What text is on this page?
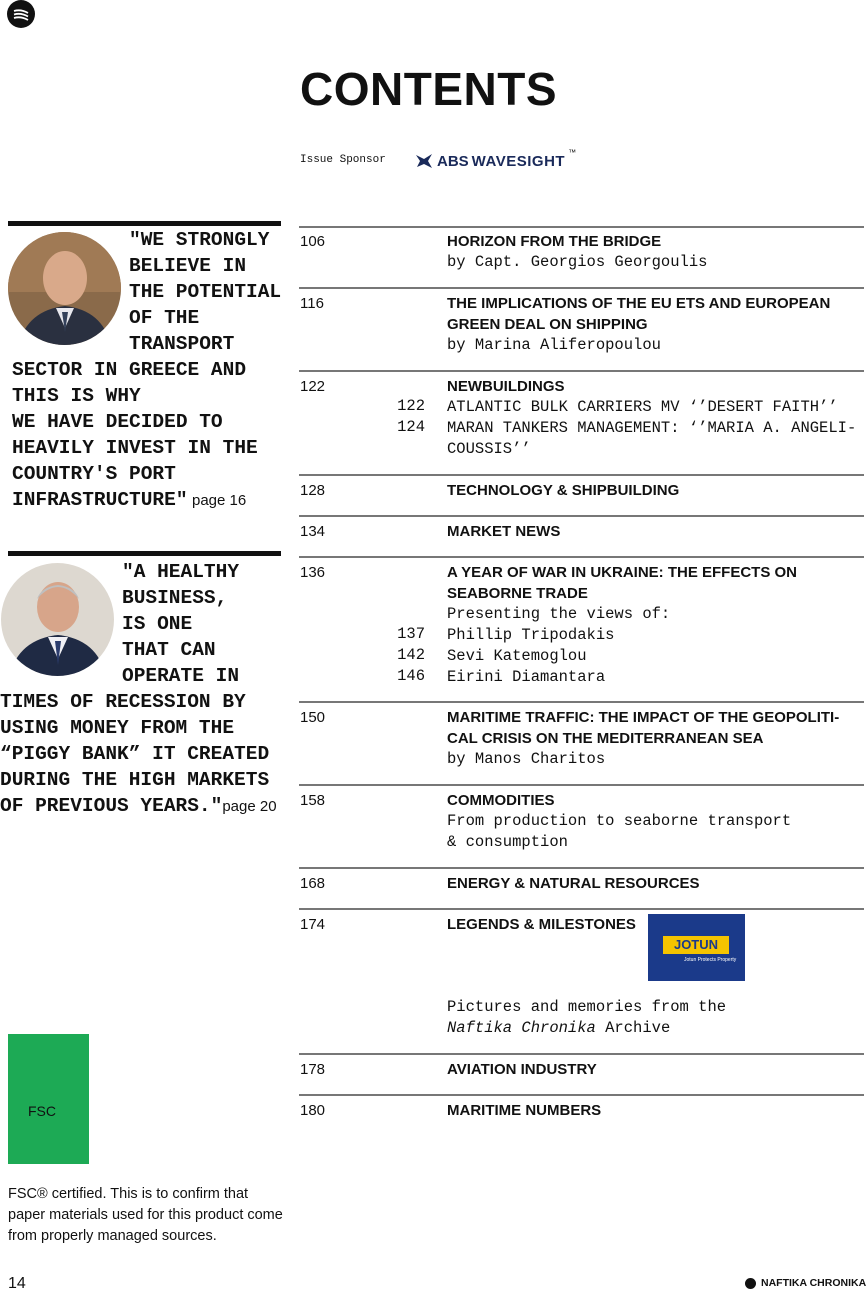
CONTENTS
Issue Sponsor	ABS WAVESIGHT ™
"WE STRONGLY
BELIEVE IN
THE POTENTIAL
OF THE
TRANSPORT
SECTOR IN GREECE AND
THIS IS WHY
WE HAVE DECIDED TO
HEAVILY INVEST IN THE
COUNTRY'S PORT
INFRASTRUCTURE" page 16
"A HEALTHY
BUSINESS,
IS ONE
THAT CAN
OPERATE IN
TIMES OF RECESSION BY
USING MONEY FROM THE
“PIGGY BANK” IT CREATED
DURING THE HIGH MARKETS
OF PREVIOUS YEARS."page 20
106	HORIZON FROM THE BRIDGE
by Capt. Georgios Georgoulis
116	THE IMPLICATIONS OF THE EU ETS AND EUROPEAN
GREEN DEAL ON SHIPPING
by Marina Aliferopoulou
122	NEWBUILDINGS
122 ATLANTIC BULK CARRIERS MV ‘’DESERT FAITH’’
124 MARAN TANKERS MANAGEMENT: ‘’MARIA A. ANGELI-
COUSSIS’’
128	TECHNOLOGY & SHIPBUILDING
134	MARKET NEWS
136	A YEAR OF WAR IN UKRAINE: THE EFFECTS ON
SEABORNE TRADE
Presenting the views of:
137 Phillip Tripodakis
142 Sevi Katemoglou
146 Eirini Diamantara
150	MARITIME TRAFFIC: THE IMPACT OF THE GEOPOLITI-
CAL CRISIS ON THE MEDITERRANEAN SEA
by Manos Charitos
158	COMMODITIES
From production to seaborne transport
& consumption
168	ENERGY & NATURAL RESOURCES
174	LEGENDS & MILESTONES
JOTUN
Jotun Protects Property
Pictures and memories from the
Naftika Chronika Archive
178	AVIATION INDUSTRY
180	MARITIME NUMBERS
FSC
FSC® certified. This is to confirm that paper materials used for this product come from properly managed sources.
14	NAFTIKA CHRONIKA
